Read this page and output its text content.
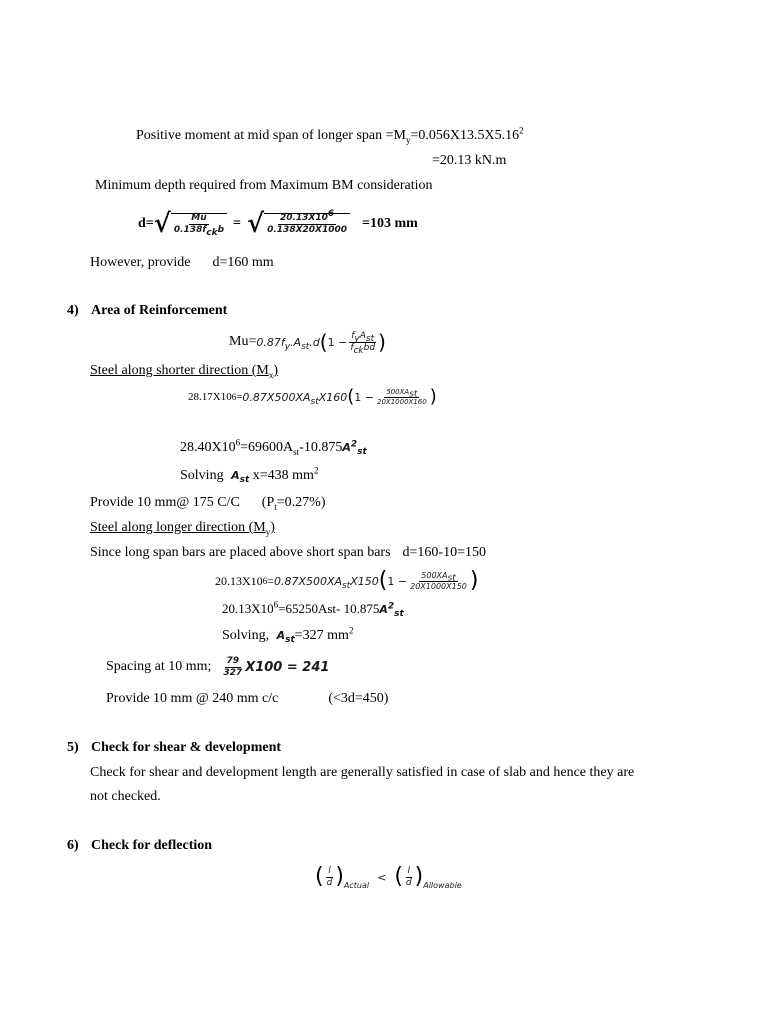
Positive moment at mid span of longer span $=M_y=0.056X13.5X5.16^2$
=20.13 kN.m
Minimum depth required from Maximum BM consideration
d= √ $\frac{Mu}{0.138f_{ck}b}$ = √ $\frac{20.13X10^6}{0.138X20X1000} =103$ mm
However, provide d=160 mm
4) Area of Reinforcement
$Mu= 0.87f_y.A_{st}.d$ ( $1 - \frac{f_yA_{st}}{f_{ck}bd}$ )
Steel along shorter direction $(M_x)$
28.17X10 $6 = 0.87X500XA_{st}X160$ ( $1 - \frac{500XA_{st}}{20X1000X160}$ )
$28.40X10^6=69600A_{st}-10.875A^2_{st}$
Solving $A_{st}$ x=438 $mm^2$
Provide 10 mm@ 175 C/C $(P_t=0.27\%)$
Steel along longer direction $(M_y)$
Since long span bars are placed above short span bars d=160-10=150
20.13X10 $6 = 0.87X500XA_{st}X150$ ( $1 - \frac{500XA_{st}}{20X1000X150}$ )
$20.13X10^6=65250Ast-$ $10.875A^2_{st}$
Solving, $A_{st}=327$ $mm^2$
Spacing at 10 mm; $\frac{79}{327} X100 = 241$
Provide 10 mm @ 240 mm c/c	(<3d=450)
5) Check for shear & development
Check for shear and development length are generally satisfied in case of slab and hence they are
not checked.
6) Check for deflection
( $\frac{l}{d}$ ) Actual
< ( $\frac{l}{d}$ ) Allowable
